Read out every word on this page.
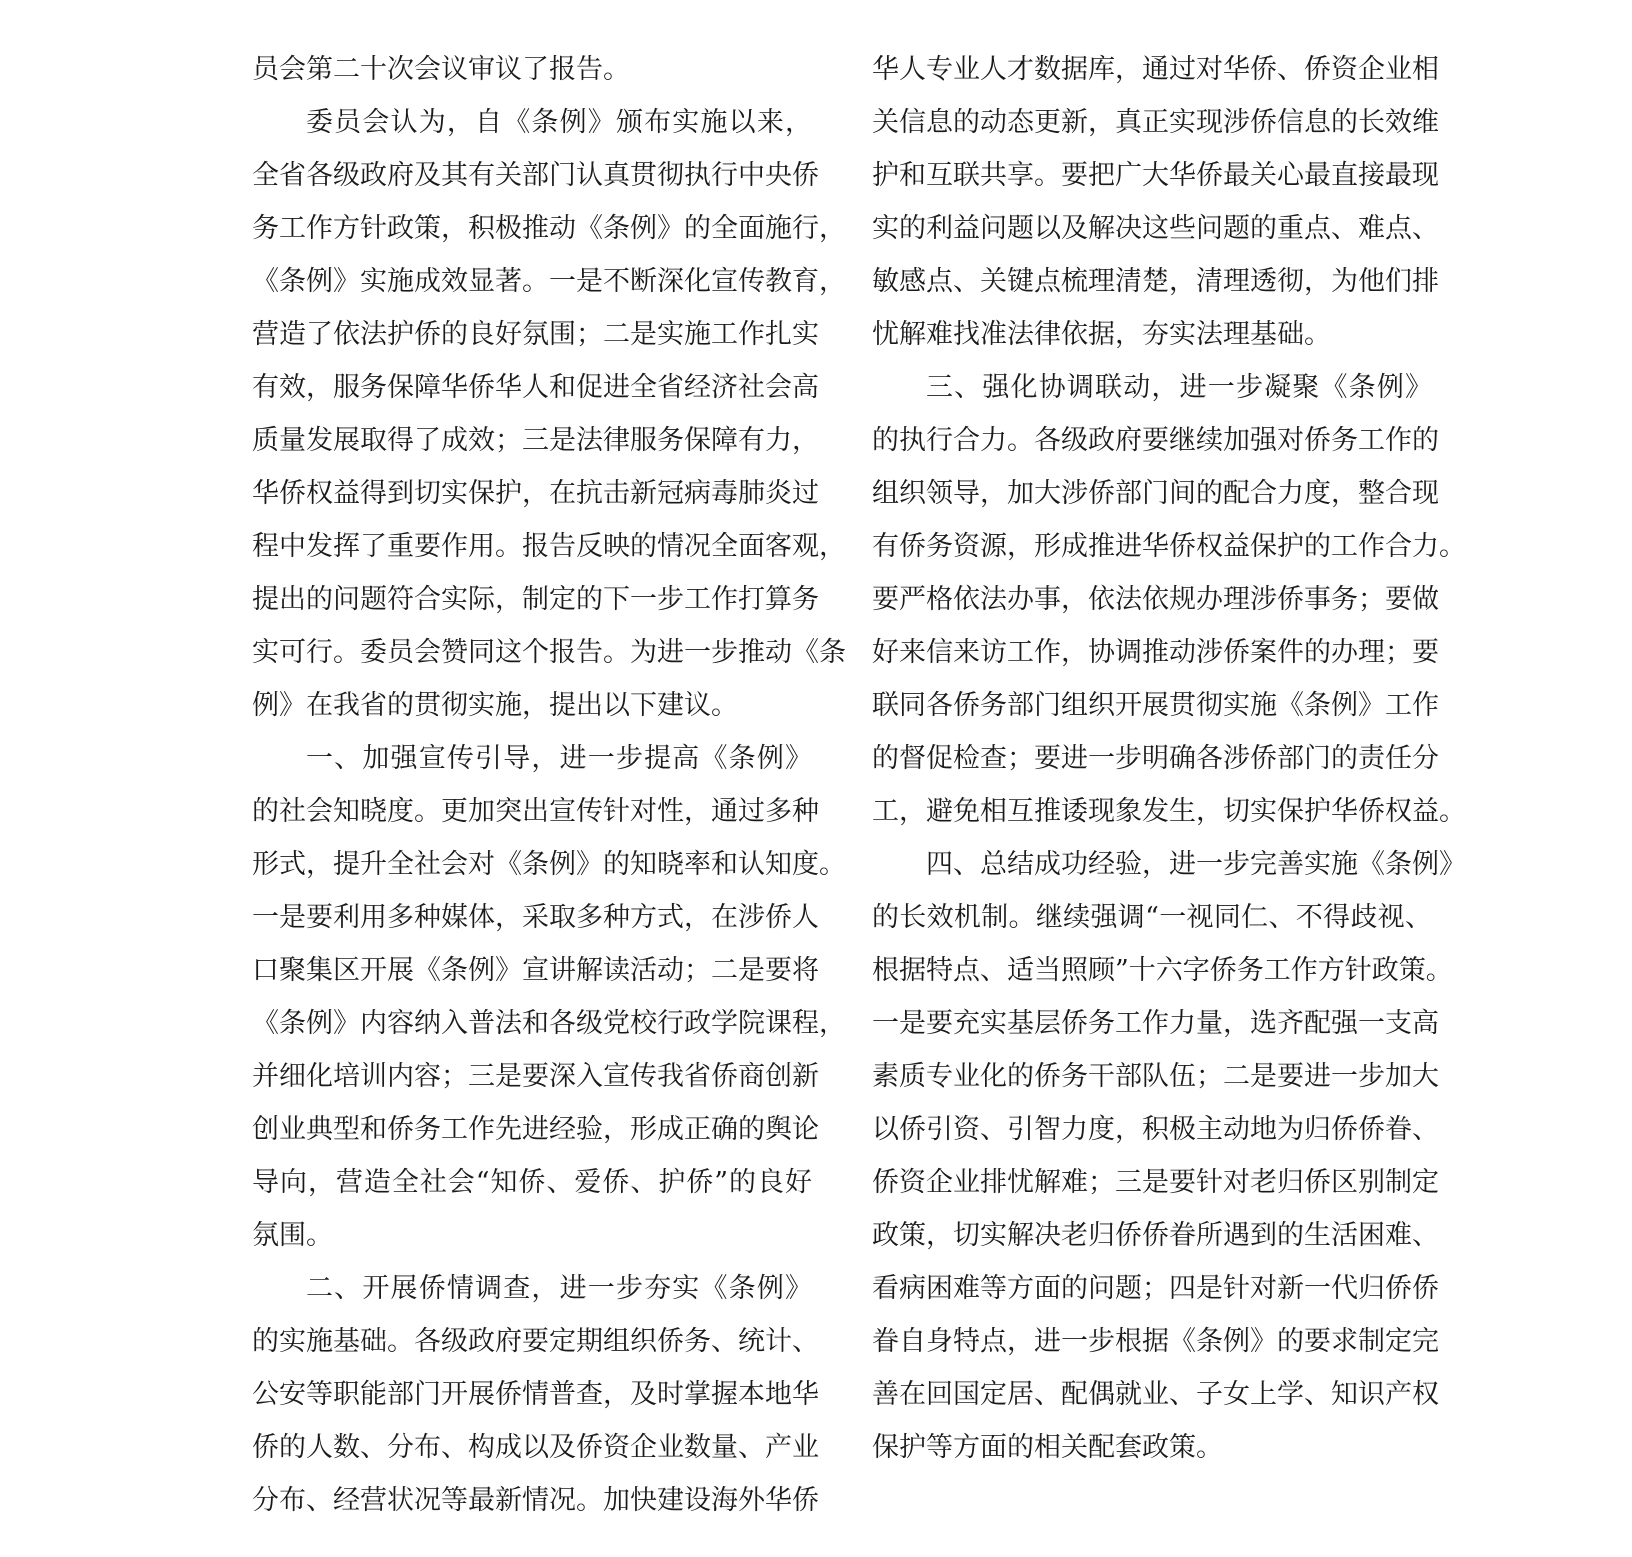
员会第二十次会议审议了报告。
委员会认为，自《条例》颁布实施以来，
全省各级政府及其有关部门认真贯彻执行中央侨
务工作方针政策，积极推动《条例》的全面施行，
《条例》实施成效显著。一是不断深化宣传教育，
营造了依法护侨的良好氛围；二是实施工作扎实
有效，服务保障华侨华人和促进全省经济社会高
质量发展取得了成效；三是法律服务保障有力，
华侨权益得到切实保护，在抗击新冠病毒肺炎过
程中发挥了重要作用。报告反映的情况全面客观，
提出的问题符合实际，制定的下一步工作打算务
实可行。委员会赞同这个报告。为进一步推动《条
例》在我省的贯彻实施，提出以下建议。
一、加强宣传引导，进一步提高《条例》
的社会知晓度。更加突出宣传针对性，通过多种
形式，提升全社会对《条例》的知晓率和认知度。
一是要利用多种媒体，采取多种方式，在涉侨人
口聚集区开展《条例》宣讲解读活动；二是要将
《条例》内容纳入普法和各级党校行政学院课程，
并细化培训内容；三是要深入宣传我省侨商创新
创业典型和侨务工作先进经验，形成正确的舆论
导向，营造全社会“知侨、爱侨、护侨”的良好
氛围。
二、开展侨情调查，进一步夯实《条例》
的实施基础。各级政府要定期组织侨务、统计、
公安等职能部门开展侨情普查，及时掌握本地华
侨的人数、分布、构成以及侨资企业数量、产业
分布、经营状况等最新情况。加快建设海外华侨
华人专业人才数据库，通过对华侨、侨资企业相
关信息的动态更新，真正实现涉侨信息的长效维
护和互联共享。要把广大华侨最关心最直接最现
实的利益问题以及解决这些问题的重点、难点、
敏感点、关键点梳理清楚，清理透彻，为他们排
忧解难找准法律依据，夯实法理基础。
三、强化协调联动，进一步凝聚《条例》
的执行合力。各级政府要继续加强对侨务工作的
组织领导，加大涉侨部门间的配合力度，整合现
有侨务资源，形成推进华侨权益保护的工作合力。
要严格依法办事，依法依规办理涉侨事务；要做
好来信来访工作，协调推动涉侨案件的办理；要
联同各侨务部门组织开展贯彻实施《条例》工作
的督促检查；要进一步明确各涉侨部门的责任分
工，避免相互推诿现象发生，切实保护华侨权益。
四、总结成功经验，进一步完善实施《条例》
的长效机制。继续强调“一视同仁、不得歧视、
根据特点、适当照顾”十六字侨务工作方针政策。
一是要充实基层侨务工作力量，选齐配强一支高
素质专业化的侨务干部队伍；二是要进一步加大
以侨引资、引智力度，积极主动地为归侨侨眷、
侨资企业排忧解难；三是要针对老归侨区别制定
政策，切实解决老归侨侨眷所遇到的生活困难、
看病困难等方面的问题；四是针对新一代归侨侨
眷自身特点，进一步根据《条例》的要求制定完
善在回国定居、配偶就业、子女上学、知识产权
保护等方面的相关配套政策。
